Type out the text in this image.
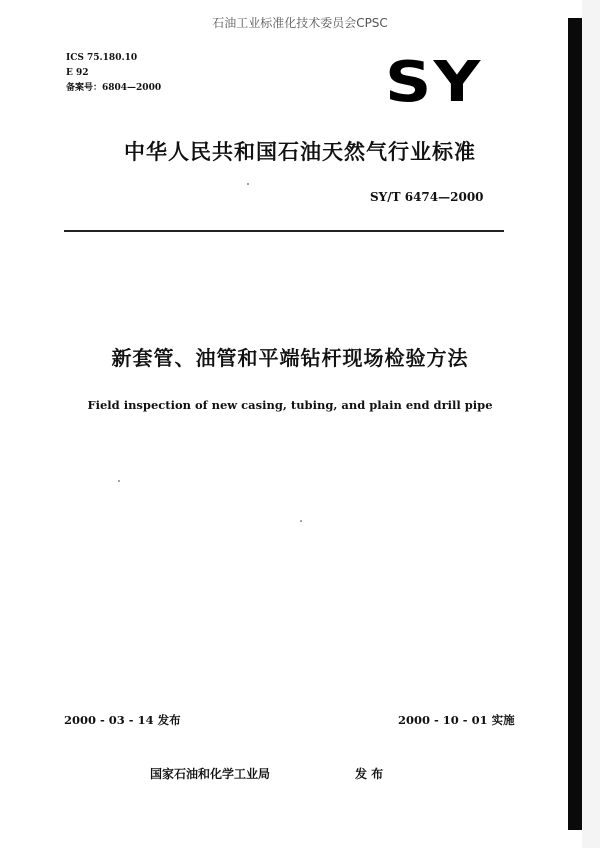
石油工业标准化技术委员会CPSC
ICS 75.180.10
E 92
备案号：6804—2000	SY
中华人民共和国石油天然气行业标准
SY/T 6474—2000
新套管、油管和平端钻杆现场检验方法
Field inspection of new casing, tubing, and plain end drill pipe
2000 - 03 - 14 发布	2000 - 10 - 01 实施
国家石油和化学工业局	发 布
